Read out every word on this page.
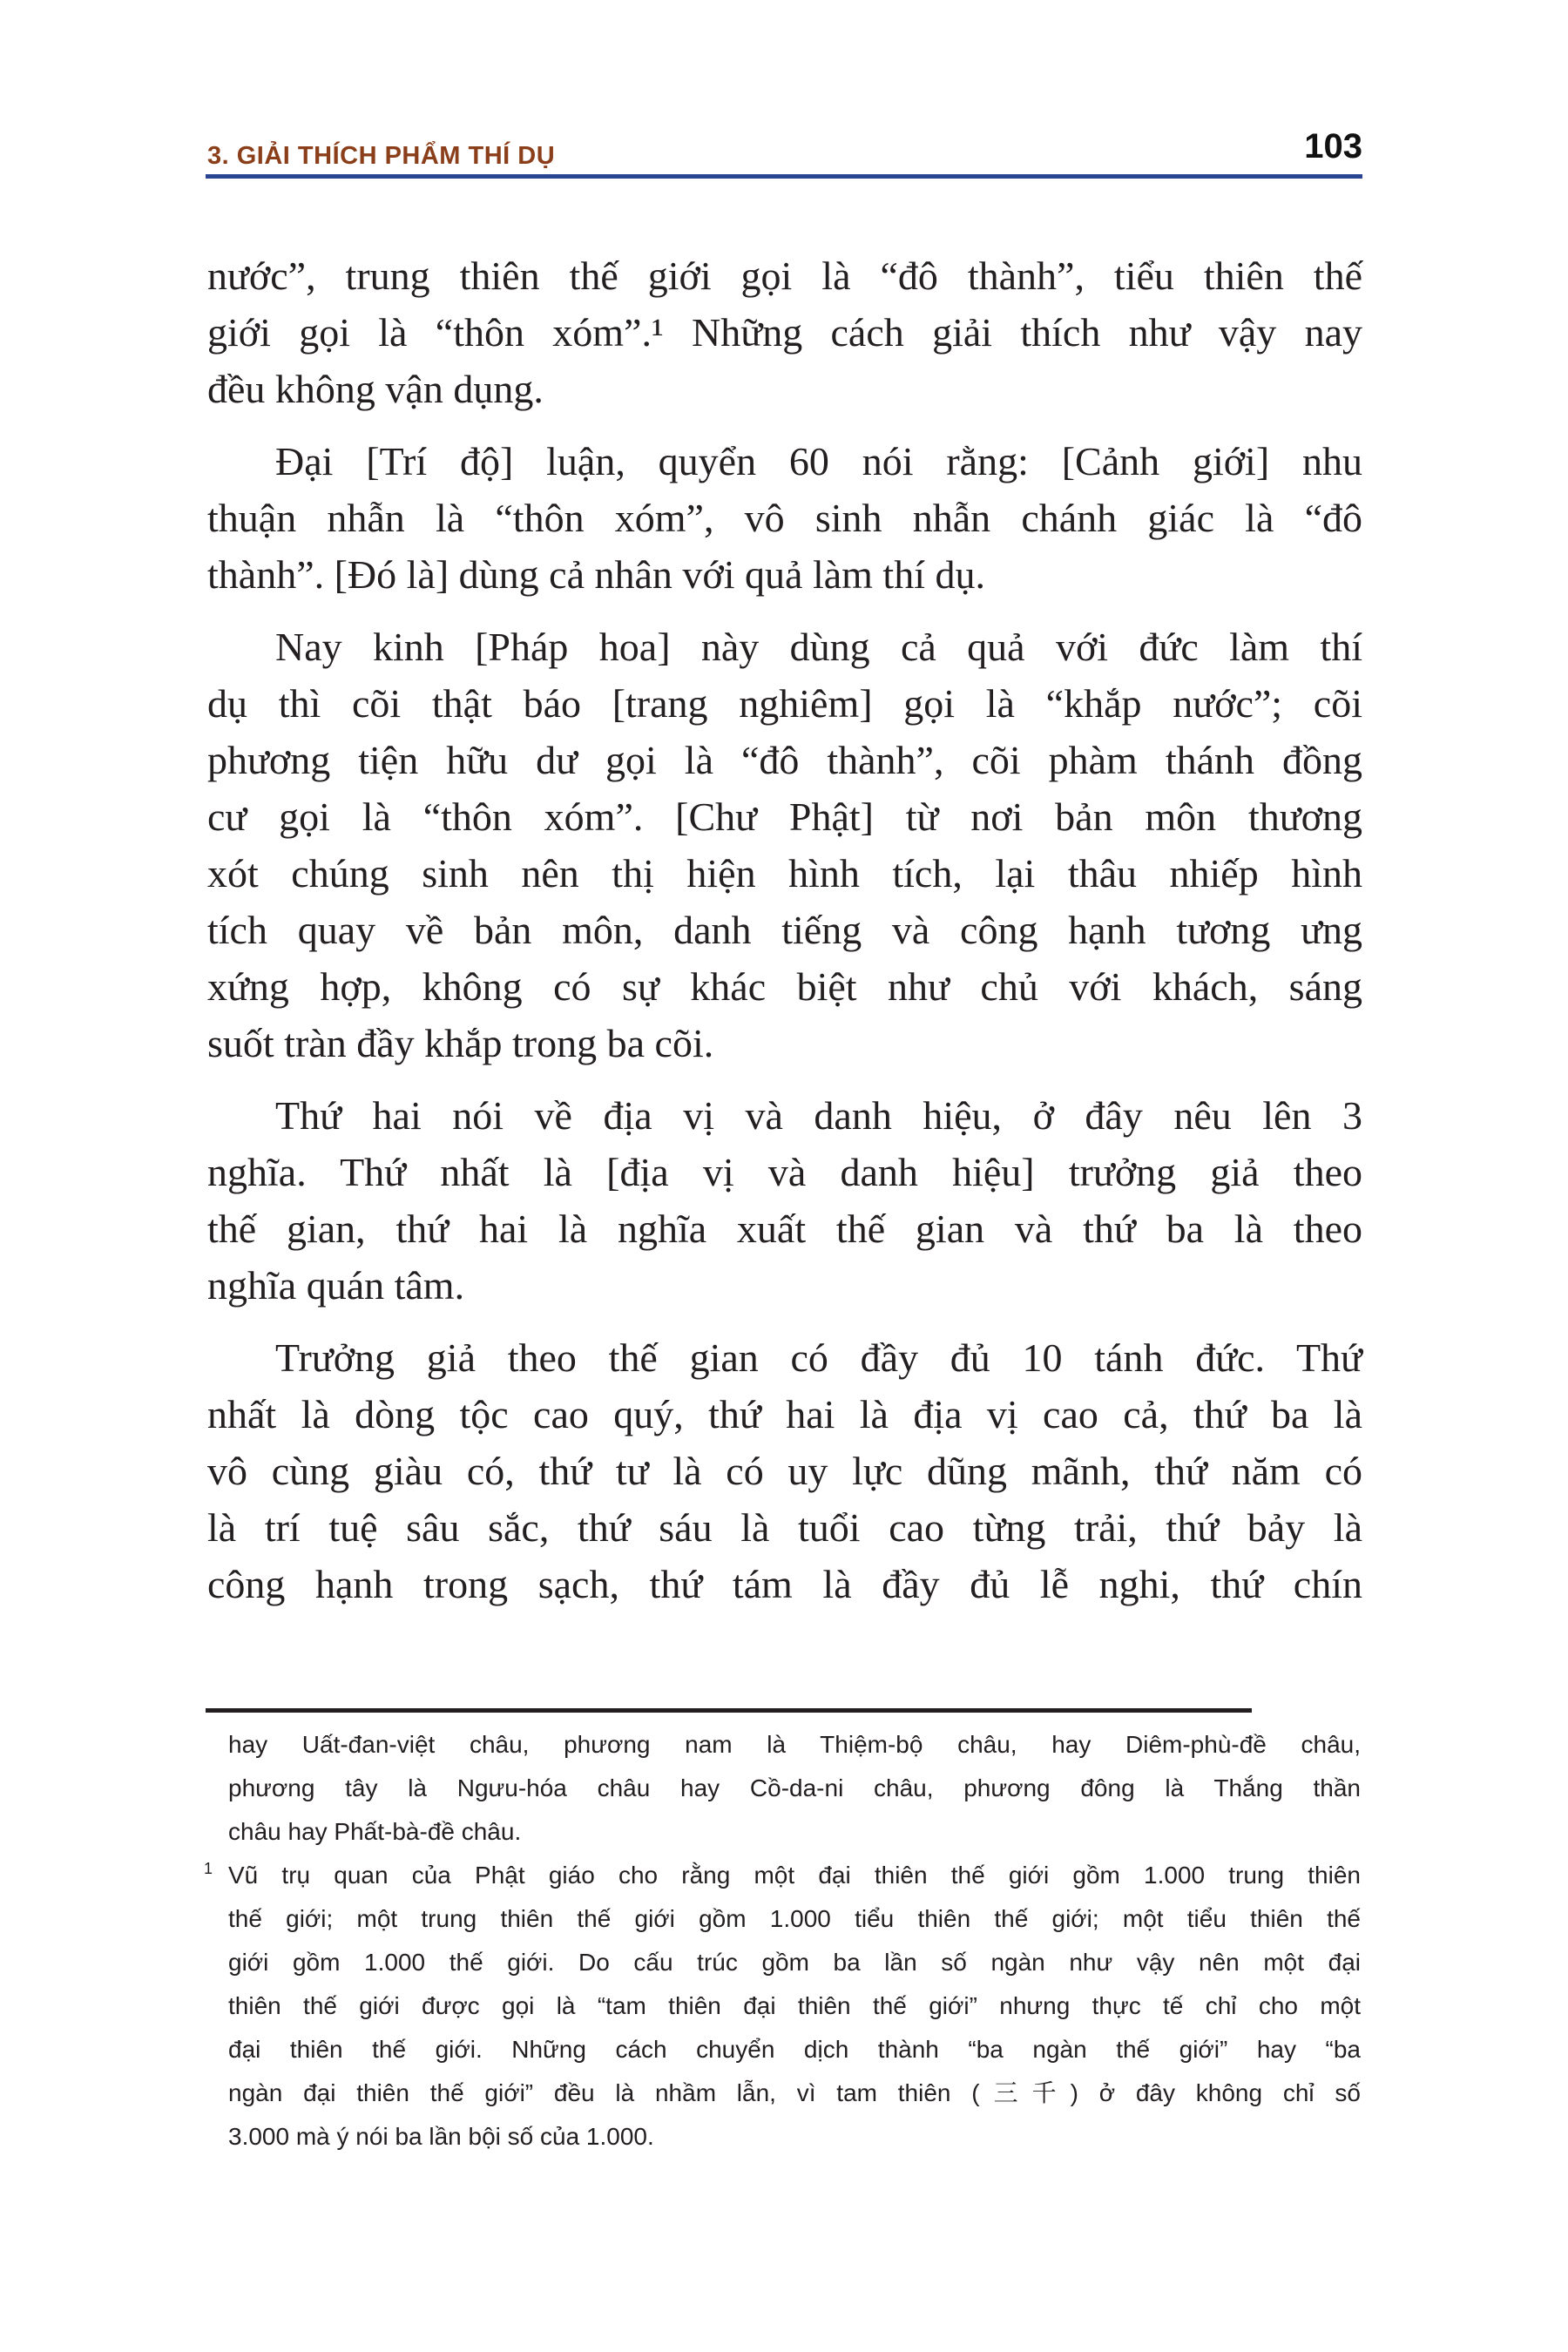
3. GIẢI THÍCH PHẨM THÍ DỤ	103
nước”, trung thiên thế giới gọi là “đô thành”, tiểu thiên thế
giới gọi là “thôn xóm”.¹ Những cách giải thích như vậy nay
đều không vận dụng.
Đại [Trí độ] luận, quyển 60 nói rằng: [Cảnh giới] nhu
thuận nhẫn là “thôn xóm”, vô sinh nhẫn chánh giác là “đô
thành”. [Đó là] dùng cả nhân với quả làm thí dụ.
Nay kinh [Pháp hoa] này dùng cả quả với đức làm thí
dụ thì cõi thật báo [trang nghiêm] gọi là “khắp nước”; cõi
phương tiện hữu dư gọi là “đô thành”, cõi phàm thánh đồng
cư gọi là “thôn xóm”. [Chư Phật] từ nơi bản môn thương
xót chúng sinh nên thị hiện hình tích, lại thâu nhiếp hình
tích quay về bản môn, danh tiếng và công hạnh tương ưng
xứng hợp, không có sự khác biệt như chủ với khách, sáng
suốt tràn đầy khắp trong ba cõi.
Thứ hai nói về địa vị và danh hiệu, ở đây nêu lên 3
nghĩa. Thứ nhất là [địa vị và danh hiệu] trưởng giả theo
thế gian, thứ hai là nghĩa xuất thế gian và thứ ba là theo
nghĩa quán tâm.
Trưởng giả theo thế gian có đầy đủ 10 tánh đức. Thứ
nhất là dòng tộc cao quý, thứ hai là địa vị cao cả, thứ ba là
vô cùng giàu có, thứ tư là có uy lực dũng mãnh, thứ năm có
là trí tuệ sâu sắc, thứ sáu là tuổi cao từng trải, thứ bảy là
công hạnh trong sạch, thứ tám là đầy đủ lễ nghi, thứ chín
hay Uất-đan-việt châu, phương nam là Thiệm-bộ châu, hay Diêm-phù-đề châu,
phương tây là Ngưu-hóa châu hay Cồ-da-ni châu, phương đông là Thắng thần
châu hay Phất-bà-đề châu.
1 Vũ trụ quan của Phật giáo cho rằng một đại thiên thế giới gồm 1.000 trung thiên
thế giới; một trung thiên thế giới gồm 1.000 tiểu thiên thế giới; một tiểu thiên thế
giới gồm 1.000 thế giới. Do cấu trúc gồm ba lần số ngàn như vậy nên một đại
thiên thế giới được gọi là “tam thiên đại thiên thế giới” nhưng thực tế chỉ cho một
đại thiên thế giới. Những cách chuyển dịch thành “ba ngàn thế giới” hay “ba
ngàn đại thiên thế giới” đều là nhầm lẫn, vì tam thiên (三千) ở đây không chỉ số
3.000 mà ý nói ba lần bội số của 1.000.
